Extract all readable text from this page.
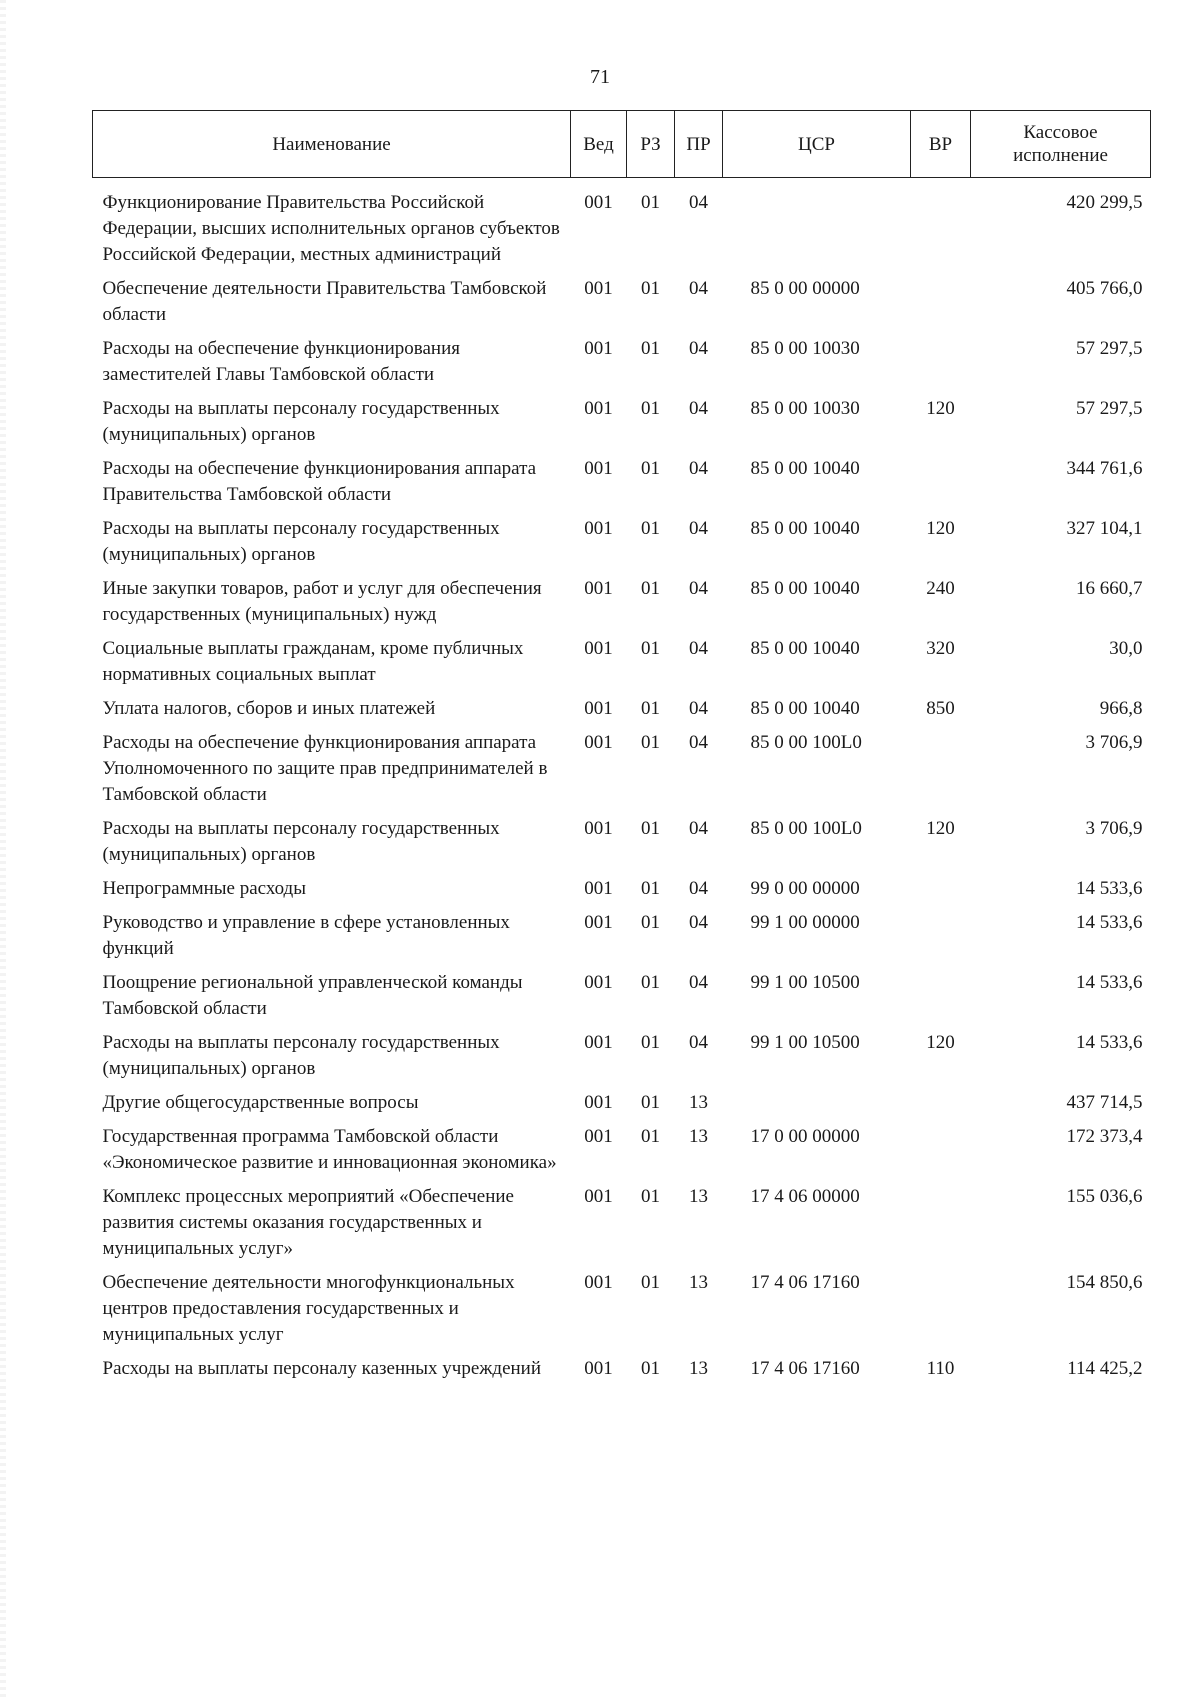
71
Наименование	Вед	РЗ	ПР	ЦСР	ВР	Кассовое исполнение
Функционирование Правительства Российской Федерации, высших исполнительных органов субъектов Российской Федерации, местных администраций	001	01	04			420 299,5
Обеспечение деятельности Правительства Тамбовской области	001	01	04	85 0 00 00000		405 766,0
Расходы на обеспечение функционирования заместителей Главы Тамбовской области	001	01	04	85 0 00 10030		57 297,5
Расходы на выплаты персоналу государственных (муниципальных) органов	001	01	04	85 0 00 10030	120	57 297,5
Расходы на обеспечение функционирования аппарата Правительства Тамбовской области	001	01	04	85 0 00 10040		344 761,6
Расходы на выплаты персоналу государственных (муниципальных) органов	001	01	04	85 0 00 10040	120	327 104,1
Иные закупки товаров, работ и услуг для обеспечения государственных (муниципальных) нужд	001	01	04	85 0 00 10040	240	16 660,7
Социальные выплаты гражданам, кроме публичных нормативных социальных выплат	001	01	04	85 0 00 10040	320	30,0
Уплата налогов, сборов и иных платежей	001	01	04	85 0 00 10040	850	966,8
Расходы на обеспечение функционирования аппарата Уполномоченного по защите прав предпринимателей в Тамбовской области	001	01	04	85 0 00 100L0		3 706,9
Расходы на выплаты персоналу государственных (муниципальных) органов	001	01	04	85 0 00 100L0	120	3 706,9
Непрограммные расходы	001	01	04	99 0 00 00000		14 533,6
Руководство и управление в сфере установленных функций	001	01	04	99 1 00 00000		14 533,6
Поощрение региональной управленческой команды Тамбовской области	001	01	04	99 1 00 10500		14 533,6
Расходы на выплаты персоналу государственных (муниципальных) органов	001	01	04	99 1 00 10500	120	14 533,6
Другие общегосударственные вопросы	001	01	13			437 714,5
Государственная программа Тамбовской области «Экономическое развитие и инновационная экономика»	001	01	13	17 0 00 00000		172 373,4
Комплекс процессных мероприятий «Обеспечение развития системы оказания государственных и муниципальных услуг»	001	01	13	17 4 06 00000		155 036,6
Обеспечение деятельности многофункциональных центров предоставления государственных и муниципальных услуг	001	01	13	17 4 06 17160		154 850,6
Расходы на выплаты персоналу казенных учреждений	001	01	13	17 4 06 17160	110	114 425,2
